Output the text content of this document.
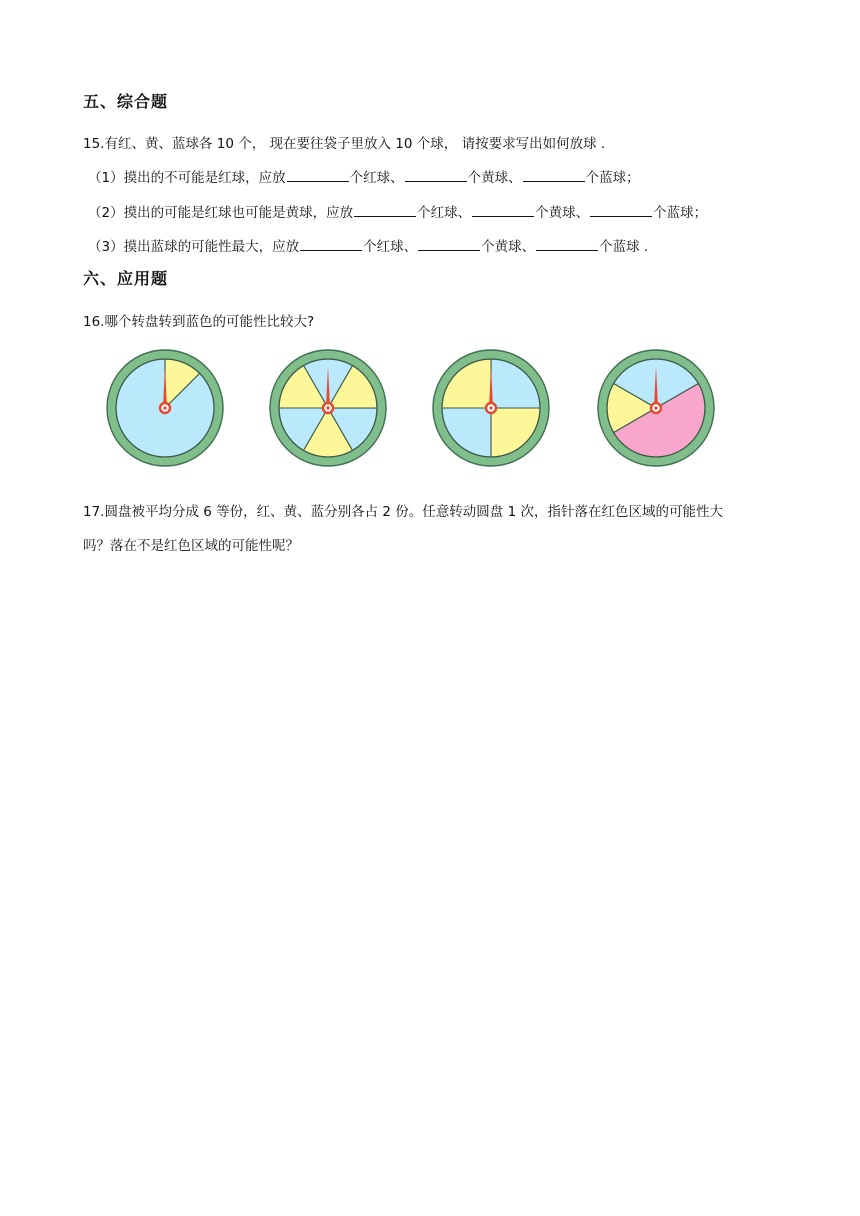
五、综合题
15.有红、黄、蓝球各 10 个， 现在要往袋子里放入 10 个球， 请按要求写出如何放球 .
（1）摸出的不可能是红球，应放	个红球、	个黄球、	个蓝球；
（2）摸出的可能是红球也可能是黄球，应放	个红球、	个黄球、	个蓝球；
（3）摸出蓝球的可能性最大，应放	个红球、	个黄球、	个蓝球 .
六、应用题
16.哪个转盘转到蓝色的可能性比较大?
17.圆盘被平均分成 6 等份，红、黄、蓝分别各占 2 份。任意转动圆盘 1 次，指针落在红色区域的可能性大
吗？落在不是红色区域的可能性呢？
